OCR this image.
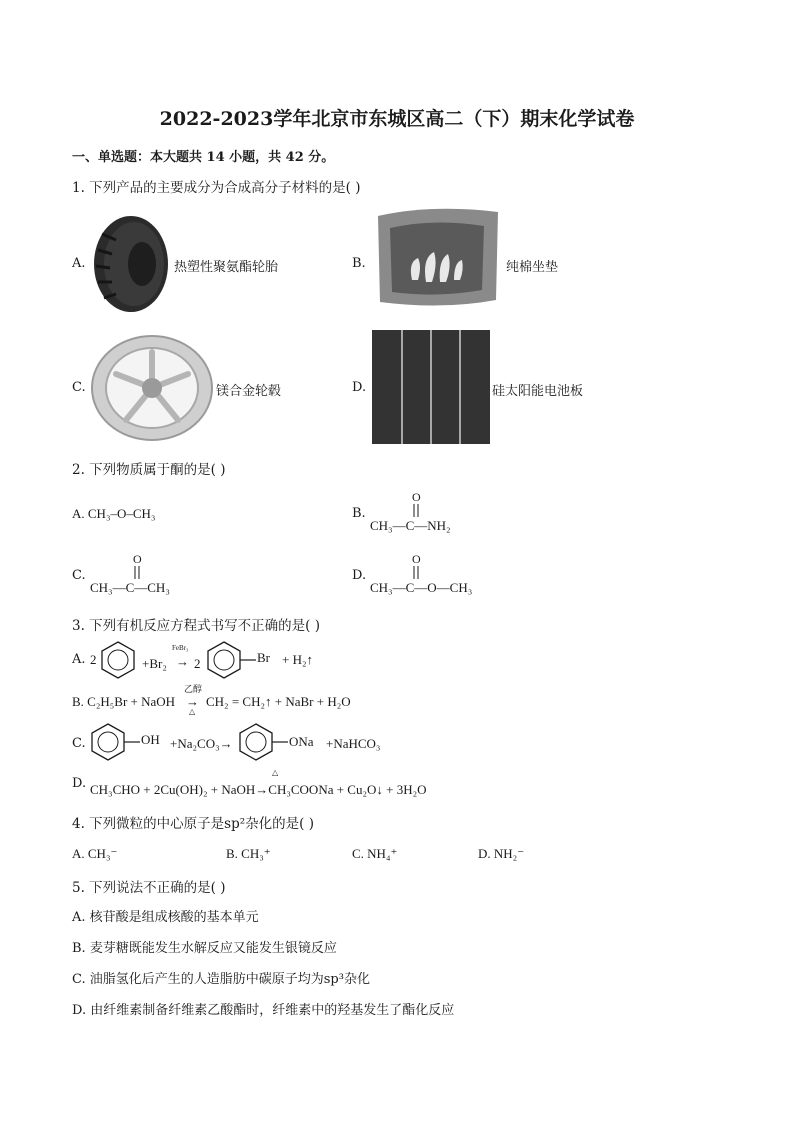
2022-2023学年北京市东城区高二（下）期末化学试卷
一、单选题：本大题共 14 小题，共 42 分。
1. 下列产品的主要成分为合成高分子材料的是( )
A.	热塑性聚氨酯轮胎	B.	纯棉坐垫
C.	镁合金轮毂	D.	硅太阳能电池板
2. 下列物质属于酮的是( )
A. CH₃–O–CH₃	B.
O
CH₃—C—NH₂
C.
O
CH₃—C—CH₃
D.
O
CH₃—C—O—CH₃
3. 下列有机反应方程式书写不正确的是( )
A. 2	+Br₂
FeBr₃
→ 2	Br + H₂↑
B. C₂H₅Br + NaOH
乙醇
→
△
CH₂ = CH₂↑ + NaBr + H₂O
C.	OH +Na₂CO₃→	ONa +NaHCO₃
D.
△
CH₃CHO + 2Cu(OH)₂ + NaOH→CH₃COONa + Cu₂O↓ + 3H₂O
4. 下列微粒的中心原子是sp²杂化的是( )
A. CH₃⁻	B. CH₃⁺	C. NH₄⁺	D. NH₂⁻
5. 下列说法不正确的是( )
A. 核苷酸是组成核酸的基本单元
B. 麦芽糖既能发生水解反应又能发生银镜反应
C. 油脂氢化后产生的人造脂肪中碳原子均为sp³杂化
D. 由纤维素制备纤维素乙酸酯时，纤维素中的羟基发生了酯化反应
